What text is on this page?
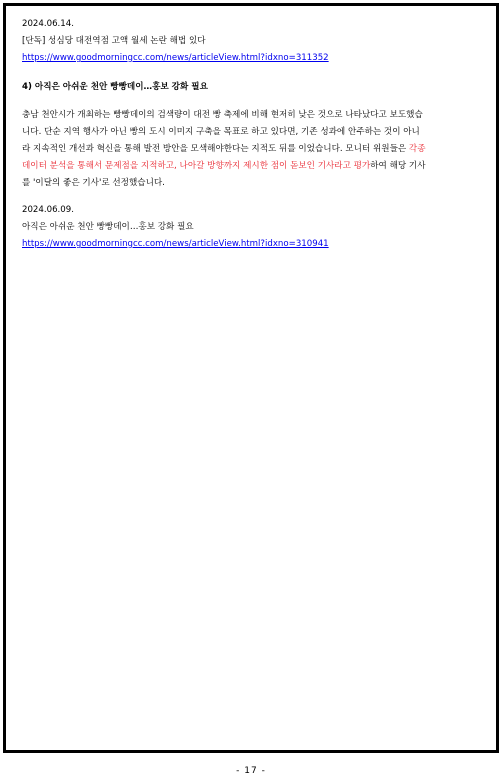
2024.06.14.
[단독] 성심당 대전역점 고액 월세 논란 해법 있다
https://www.goodmorningcc.com/news/articleView.html?idxno=311352
4) 아직은 아쉬운 천안 빵빵데이…홍보 강화 필요
충남 천안시가 개최하는 빵빵데이의 검색량이 대전 빵 축제에 비해 현저히 낮은 것으로 나타났다고 보도했습
니다. 단순 지역 행사가 아닌 빵의 도시 이미지 구축을 목표로 하고 있다면, 기존 성과에 안주하는 것이 아니
라 지속적인 개선과 혁신을 통해 발전 방안을 모색해야한다는 지적도 뒤를 이었습니다. 모니터 위원들은 각종
데이터 분석을 통해서 문제점을 지적하고, 나아갈 방향까지 제시한 점이 돋보인 기사라고 평가하여 해당 기사
를 '이달의 좋은 기사'로 선정했습니다.
2024.06.09.
아직은 아쉬운 천안 빵빵데이…홍보 강화 필요
https://www.goodmorningcc.com/news/articleView.html?idxno=310941
- 17 -
